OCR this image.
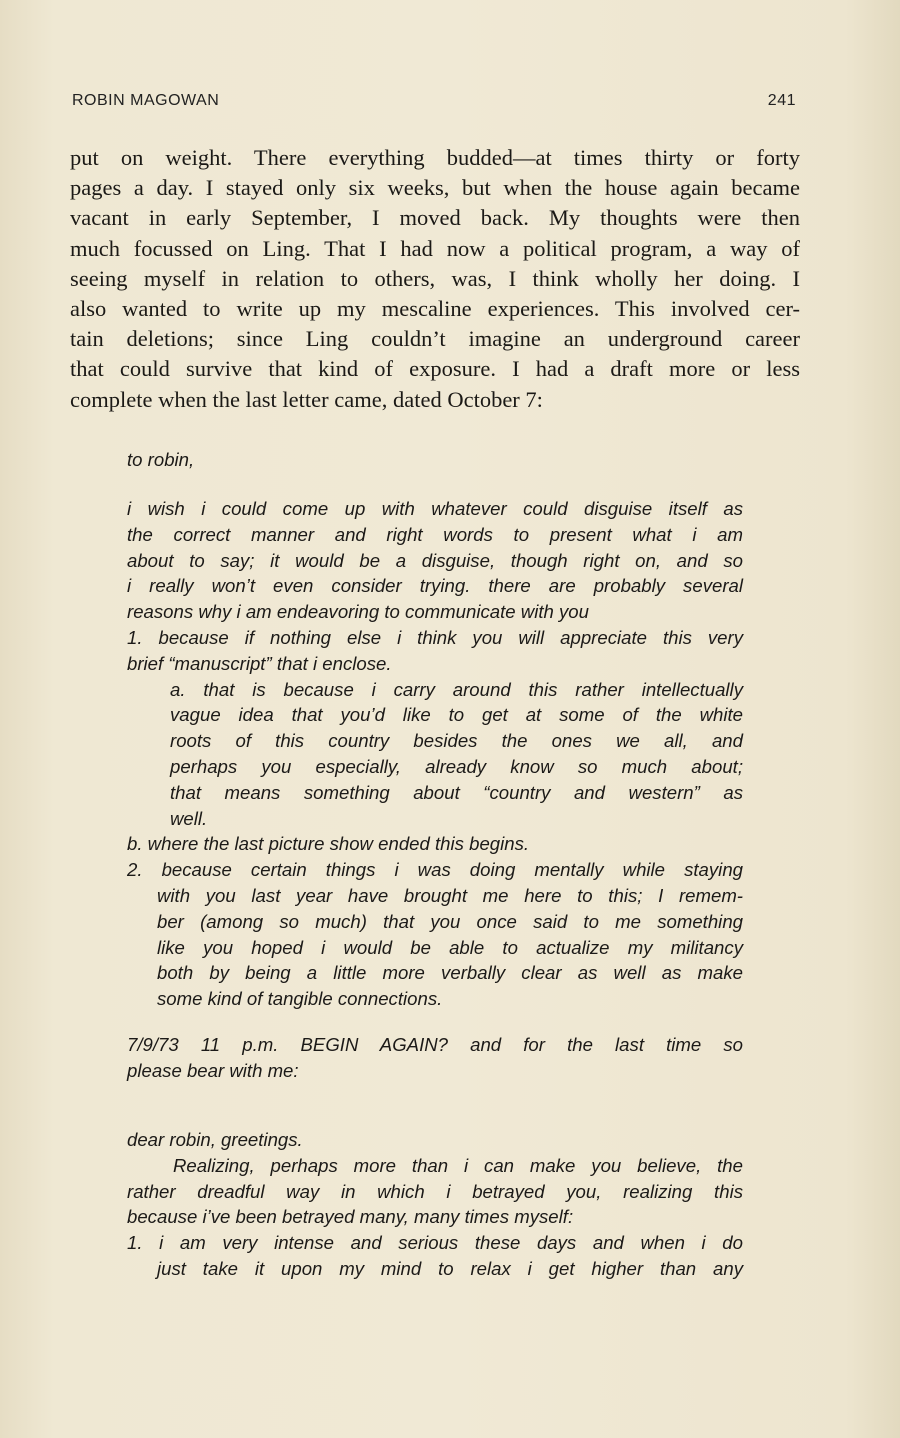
ROBIN MAGOWAN	241
put on weight. There everything budded—at times thirty or forty
pages a day. I stayed only six weeks, but when the house again became
vacant in early September, I moved back. My thoughts were then
much focussed on Ling. That I had now a political program, a way of
seeing myself in relation to others, was, I think wholly her doing. I
also wanted to write up my mescaline experiences. This involved cer-
tain deletions; since Ling couldn’t imagine an underground career
that could survive that kind of exposure. I had a draft more or less
complete when the last letter came, dated October 7:
to robin,
i wish i could come up with whatever could disguise itself as
the correct manner and right words to present what i am
about to say; it would be a disguise, though right on, and so
i really won’t even consider trying. there are probably several
reasons why i am endeavoring to communicate with you
1. because if nothing else i think you will appreciate this very
brief “manuscript” that i enclose.
a. that is because i carry around this rather intellectually
vague idea that you’d like to get at some of the white
roots of this country besides the ones we all, and
perhaps you especially, already know so much about;
that means something about “country and western” as
well.
b. where the last picture show ended this begins.
2. because certain things i was doing mentally while staying
with you last year have brought me here to this; I remem-
ber (among so much) that you once said to me something
like you hoped i would be able to actualize my militancy
both by being a little more verbally clear as well as make
some kind of tangible connections.
7/9/73 11 p.m. BEGIN AGAIN? and for the last time so
please bear with me:
dear robin, greetings.
Realizing, perhaps more than i can make you believe, the
rather dreadful way in which i betrayed you, realizing this
because i’ve been betrayed many, many times myself:
1. i am very intense and serious these days and when i do
just take it upon my mind to relax i get higher than any
